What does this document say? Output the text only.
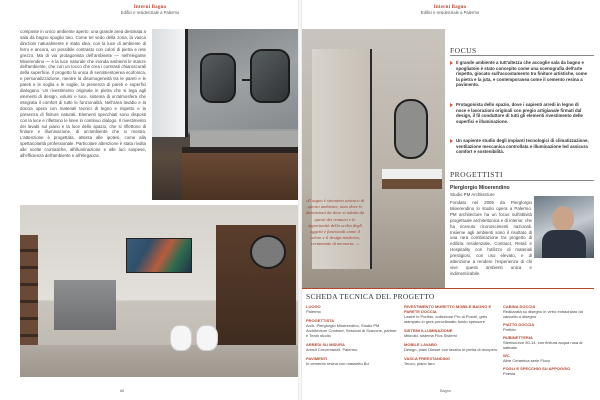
Interni Bagno
Edifici e residenziale a Palermo
Interni Bagno
Edifici e residenziale a Palermo
composte in unico ambiente aperto: una grande area destinata a sala da bagno spoglio toio. Come tel vedo della zona, la vasca direzioni naturalmente è stata idea, con la luce di ambiente di ferro e ancora, un possibile contrasto con colori di pietra e rete grezzo. Ma di via protagonista dell'ambiente — nell'elegante Mioerendino — e la luce naturale che inonda ambienti le stanze dell'ambiente, che con un tocco che crea i contrasti chiaroscurali della superficie. Il progetto fa unica di sentimentoerea ecofonica, e personalizzazione, mentre la disomogeneità tra le pareti e le pareti e le soglia e le soglie, la presenza di pareti e superfici dialogano. Un rivestimento originale in pietra che si lega agli elementi di design, volumi e luce, sistema di un'atmosfera che integrata il comfort di tutte le funzionalità. Nell'area lavabo e la doccia opera con materiali tecnici di legno e rispetto e la presenza di finiture naturali. Elementi specchiati sono disposti con la luce e riflettono le linee in continuo dialogo. Il rivestimento dei lavabi sul piano e la luce dello spazio, che si riflettono di finiture e illuminazione, di un'ambiente che si mostra. L'attenzione è progettata, attenta alle ipotesi, come alla spettacolarità professionale. Particolare attenzione è stata rivolta alle scelte cromatiche, all'illuminazione e alle luci sospese, all'efficienza dell'ambiente e all'eleganza.
«Il segno è sinonimo univoco di questo ambiente, nato dove le dimensioni da dove si adatta da questi dei restauri e le opportunità della scelta degli oggetti e funzionali come il colore e il design moderno, certamente di memoria...»
FOCUS
Il grande ambiente a tutt'altezza che accoglie sala da bagno e spogliatoio è stato concepito come una scenografia dell'arte rispetto, giocato sull'accostamento tra finiture artistiche, come la pietra e la juta, e contemporanea come il cemento resina a pavimento.
Protagonista dello spazio, dove i sapienti arredi in legno di noce e lavorazioni originali con pregio artigianale firmati dal design, il fil conduttore di tutti gli elementi rivestimento delle superfici e illuminazione.
Un sapiente studio degli impianti tecnologici di climatizzazione, ventilazione meccanica controllata e illuminazione led assicura comfort e sostenibilità.
PROGETTISTI
Pierglorgio Mioerendino
Studio PM Architecture
Fondato nel 2005 da Pierglorgio Mioerendino lo studio opera a Palermo. PM architecture ha un focus sull'attività progettuale architettonica e di interior, che ha ricevuto riconoscimenti nazionali. Insieme agli ambienti sono il risultato di una rara combinazione tra progetto di edilizia residenziale, Contract, Retail e Hospitality con l'utilizzo di materiali prestigiosi, con uso elevato, e di attenzione a rendere l'esperienza di chi vive questi ambienti unica e indimenticabile.
SCHEDA TECNICA DEL PROGETTO
LUOGO
Palermo
PROGETTISTA
Arch. Pierglorgio Mioerendino, Studio PM Architecture Contract, Sessioni di Scavone, partner e Team studio
ARREDI SU MISURA
Arredi Crucemaneli, Palermo
PAVIMENTI
In cemento resina con massetto Bd
RIVESTIMENTO MURETTO MOBILE BAGNO E PARETE DOCCIA
Lastre in Porfido, collezione Pro di Porcel, grès stampato in gres porcellanato fondo spessore
SISTEMI ILLUMINAZIONE
Mikrolid, sistema Flos Sistemi
MOBILE LAVABO
Design, piani Diesse con lavabo in pietra di recupero
VASCA FREESTANDING
Teuco, piano faro
CABINA DOCCIA
Realizzata su disegno in vetro extrachiaro da cancello a disegno
PIATTO DOCCIA
Porfido
RUBINETTERIA
Steelsource 50-14, con finitura acqua rosa al satinato
WC
Altre Ceramica serie Fluxo
FOGLI E SPECCHIO SU APPOGGIO
Poesia
66	Bagno
